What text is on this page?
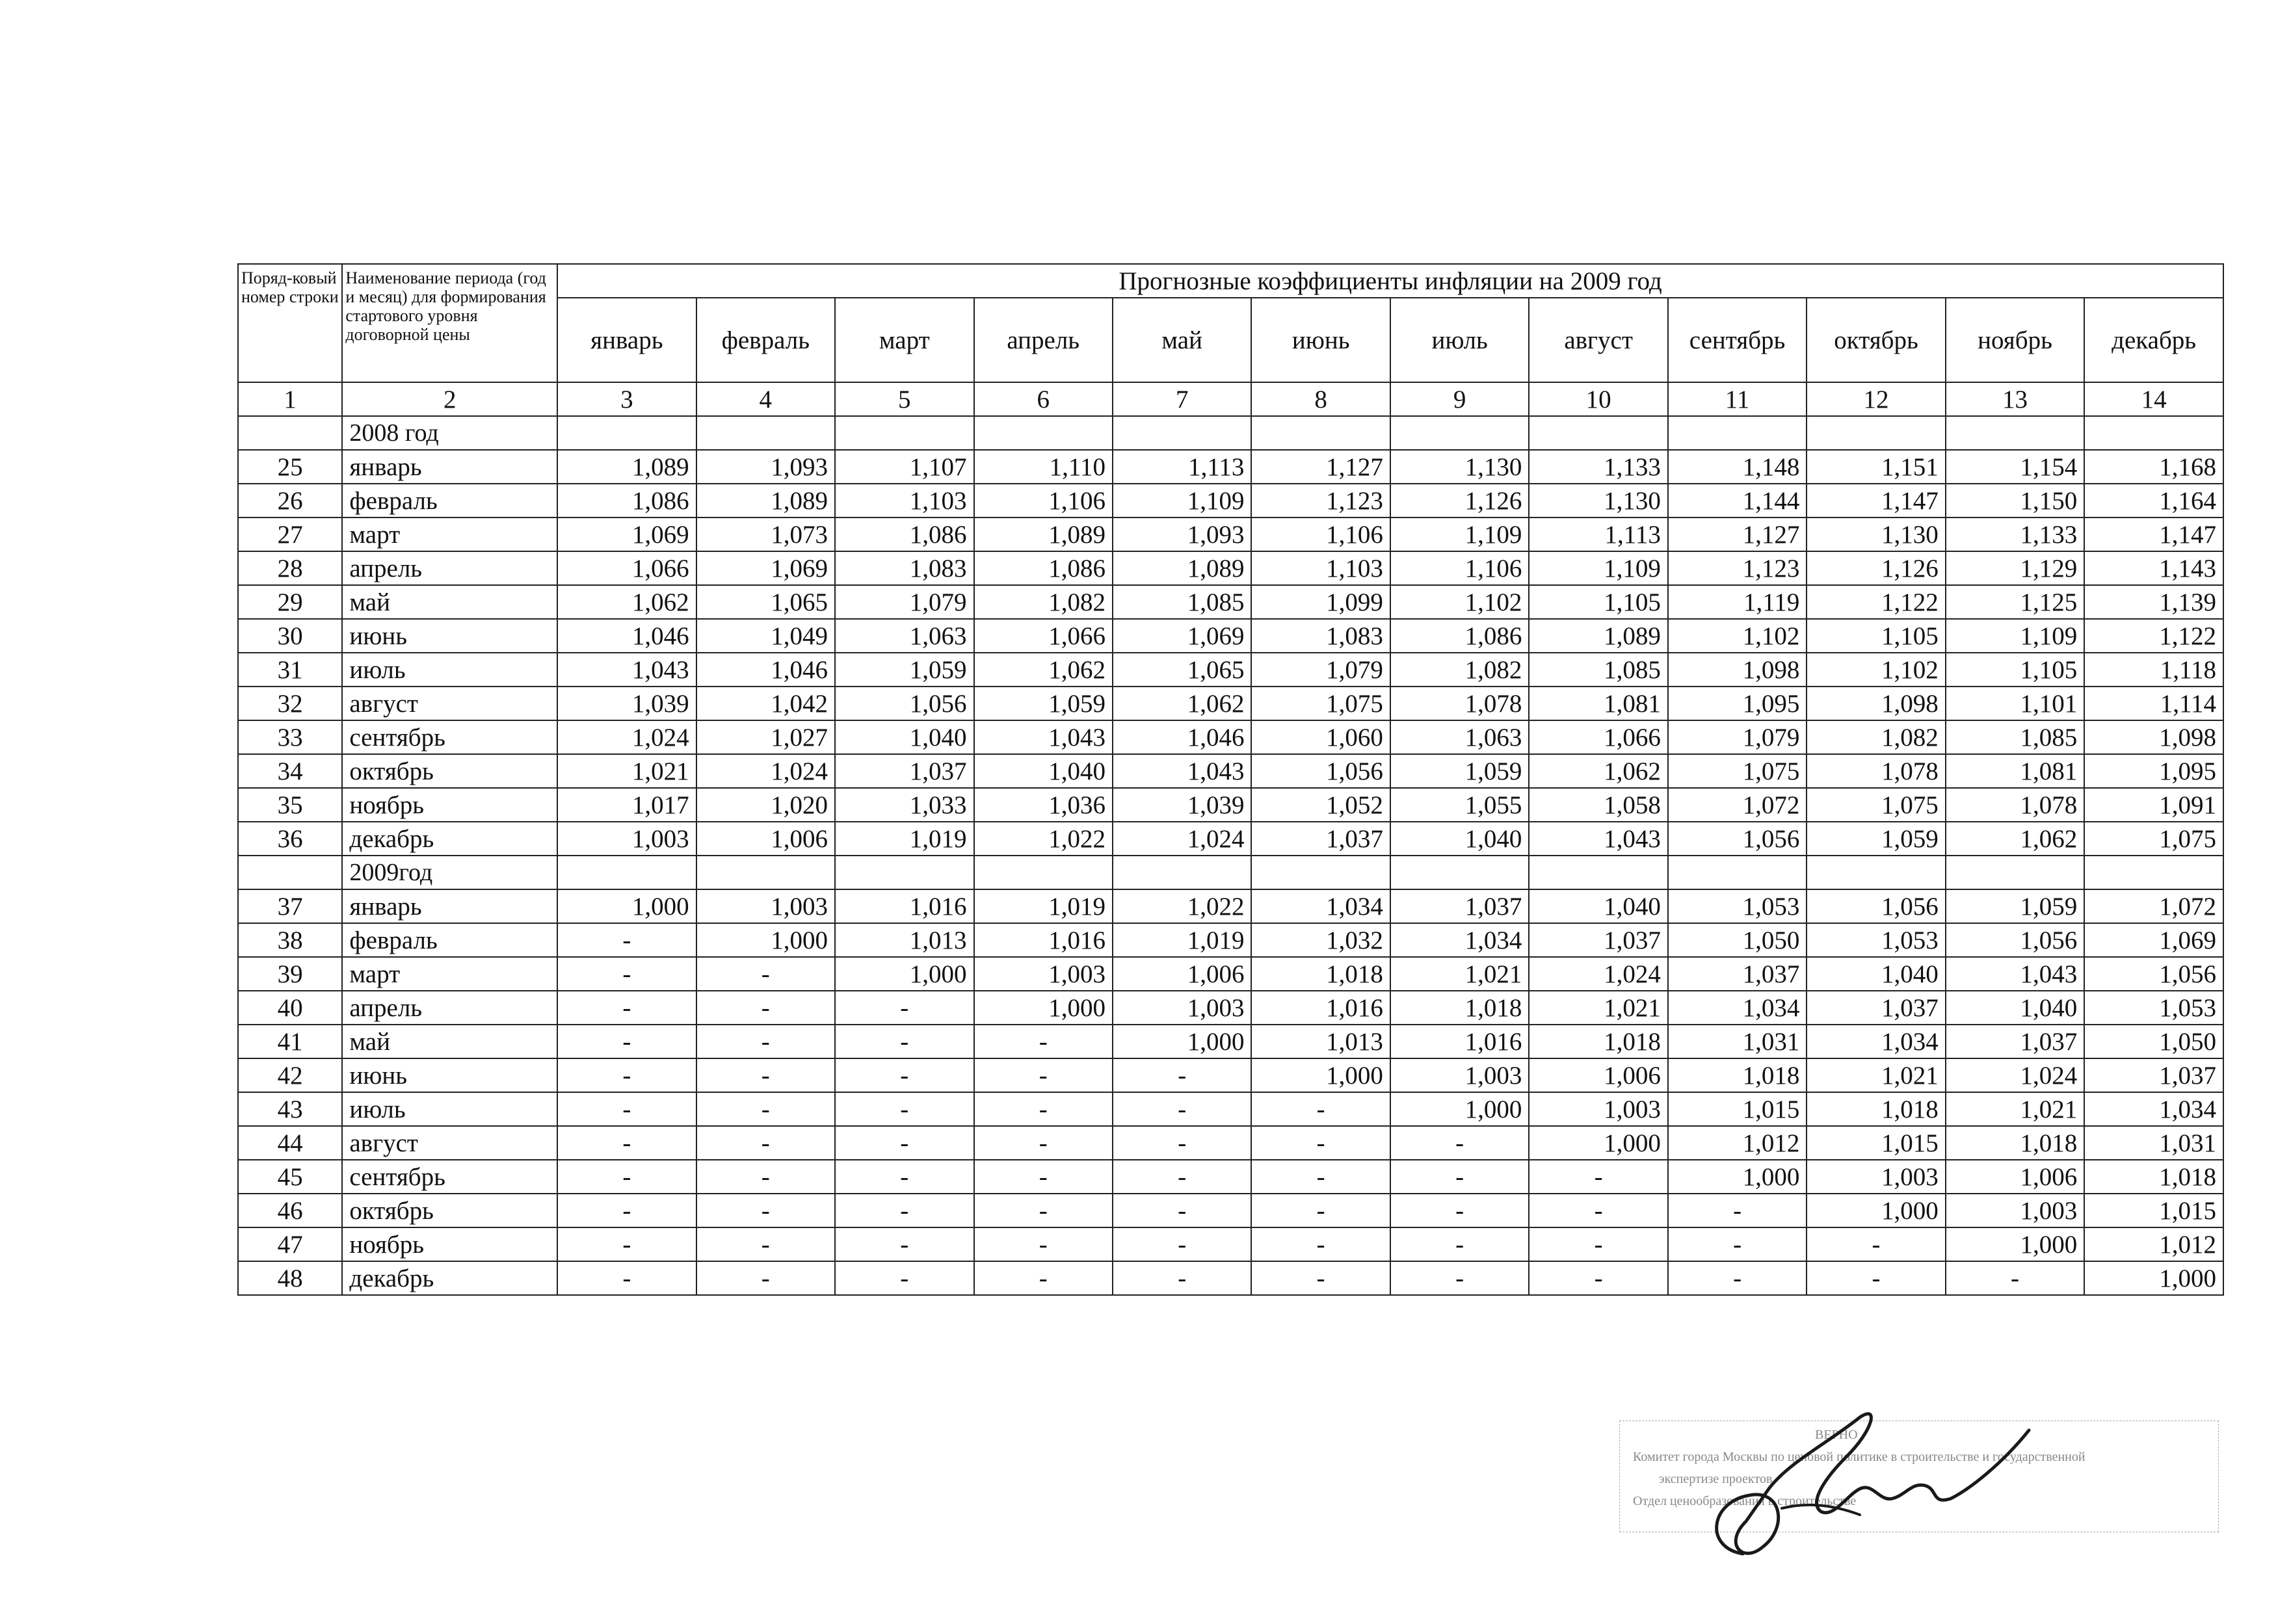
Поряд-ковый номер строки	Наименование периода (год и месяц) для формирования стартового уровня договорной цены	Прогнозные коэффициенты инфляции на 2009 год											
		январь	февраль	март	апрель	май	июнь	июль	август	сентябрь	октябрь	ноябрь	декабрь
1	2	3	4	5	6	7	8	9	10	11	12	13	14
	2008 год												
25	январь	1,089	1,093	1,107	1,110	1,113	1,127	1,130	1,133	1,148	1,151	1,154	1,168
26	февраль	1,086	1,089	1,103	1,106	1,109	1,123	1,126	1,130	1,144	1,147	1,150	1,164
27	март	1,069	1,073	1,086	1,089	1,093	1,106	1,109	1,113	1,127	1,130	1,133	1,147
28	апрель	1,066	1,069	1,083	1,086	1,089	1,103	1,106	1,109	1,123	1,126	1,129	1,143
29	май	1,062	1,065	1,079	1,082	1,085	1,099	1,102	1,105	1,119	1,122	1,125	1,139
30	июнь	1,046	1,049	1,063	1,066	1,069	1,083	1,086	1,089	1,102	1,105	1,109	1,122
31	июль	1,043	1,046	1,059	1,062	1,065	1,079	1,082	1,085	1,098	1,102	1,105	1,118
32	август	1,039	1,042	1,056	1,059	1,062	1,075	1,078	1,081	1,095	1,098	1,101	1,114
33	сентябрь	1,024	1,027	1,040	1,043	1,046	1,060	1,063	1,066	1,079	1,082	1,085	1,098
34	октябрь	1,021	1,024	1,037	1,040	1,043	1,056	1,059	1,062	1,075	1,078	1,081	1,095
35	ноябрь	1,017	1,020	1,033	1,036	1,039	1,052	1,055	1,058	1,072	1,075	1,078	1,091
36	декабрь	1,003	1,006	1,019	1,022	1,024	1,037	1,040	1,043	1,056	1,059	1,062	1,075
	2009год												
37	январь	1,000	1,003	1,016	1,019	1,022	1,034	1,037	1,040	1,053	1,056	1,059	1,072
38	февраль	-	1,000	1,013	1,016	1,019	1,032	1,034	1,037	1,050	1,053	1,056	1,069
39	март	-	-	1,000	1,003	1,006	1,018	1,021	1,024	1,037	1,040	1,043	1,056
40	апрель	-	-	-	1,000	1,003	1,016	1,018	1,021	1,034	1,037	1,040	1,053
41	май	-	-	-	-	1,000	1,013	1,016	1,018	1,031	1,034	1,037	1,050
42	июнь	-	-	-	-	-	1,000	1,003	1,006	1,018	1,021	1,024	1,037
43	июль	-	-	-	-	-	-	1,000	1,003	1,015	1,018	1,021	1,034
44	август	-	-	-	-	-	-	-	1,000	1,012	1,015	1,018	1,031
45	сентябрь	-	-	-	-	-	-	-	-	1,000	1,003	1,006	1,018
46	октябрь	-	-	-	-	-	-	-	-	-	1,000	1,003	1,015
47	ноябрь	-	-	-	-	-	-	-	-	-	-	1,000	1,012
48	декабрь	-	-	-	-	-	-	-	-	-	-	-	1,000
ВЕРНО
Комитет города Москвы по ценовой политике в строительстве и государственной
экспертизе проектов
Отдел ценообразования в строительстве
